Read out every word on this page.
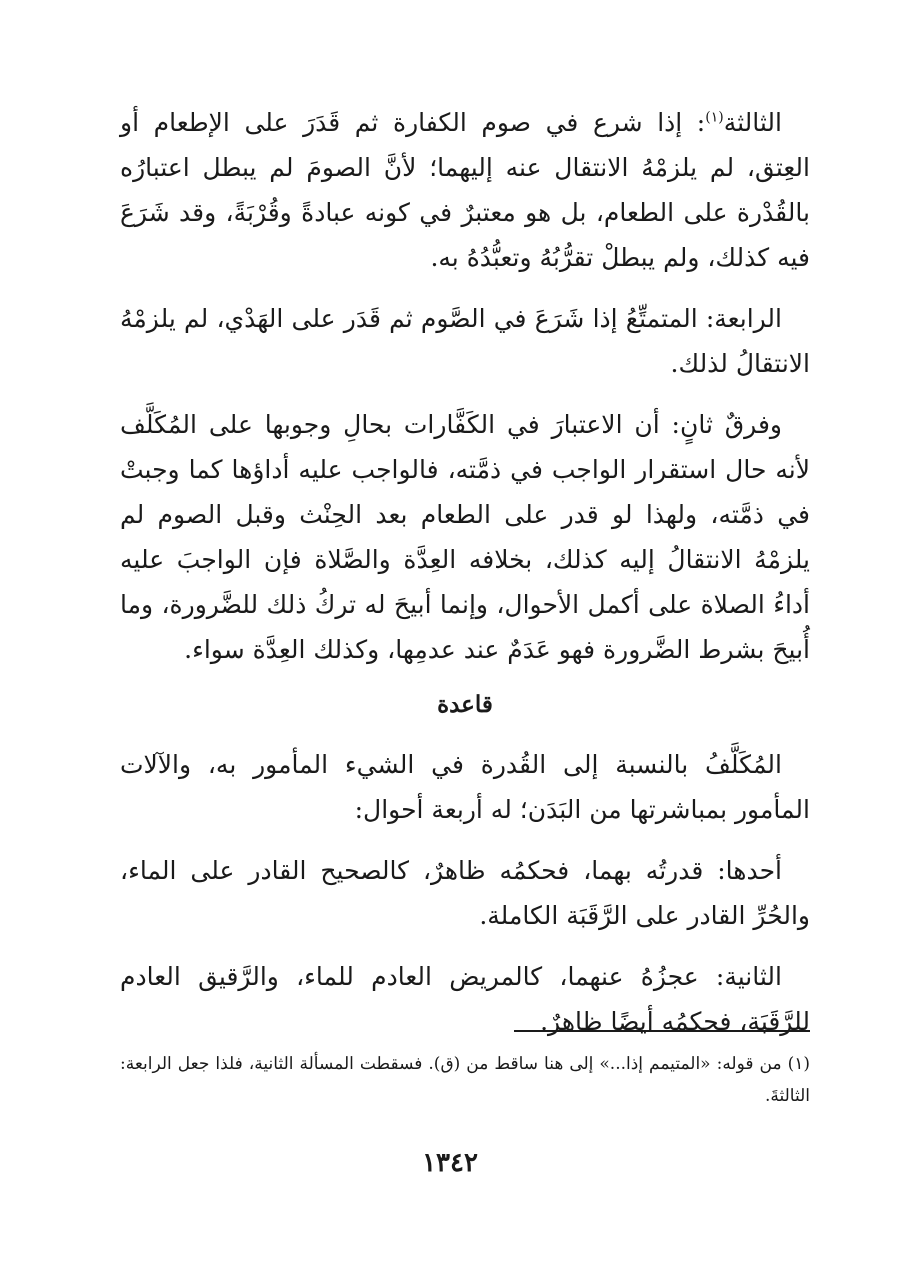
الثالثة$^{(١)}$: إذا شرع في صوم الكفارة ثم قَدَرَ على الإطعام أو العِتق، لم يلزمْهُ الانتقال عنه إليهما؛ لأنَّ الصومَ لم يبطل اعتبارُه بالقُدْرة على الطعام، بل هو معتبرٌ في كونه عبادةً وقُرْبَةً، وقد شَرَعَ فيه كذلك، ولم يبطلْ تقرُّبُهُ وتعبُّدُهُ به.

الرابعة: المتمتِّعُ إذا شَرَعَ في الصَّوم ثم قَدَر على الهَدْي، لم يلزمْهُ الانتقالُ لذلك.

وفرقٌ ثانٍ: أن الاعتبارَ في الكَفَّارات بحالِ وجوبها على المُكَلَّف لأنه حال استقرار الواجب في ذمَّته، فالواجب عليه أداؤها كما وجبتْ في ذمَّته، ولهذا لو قدر على الطعام بعد الحِنْث وقبل الصوم لم يلزمْهُ الانتقالُ إليه كذلك، بخلافه العِدَّة والصَّلاة فإن الواجبَ عليه أداءُ الصلاة على أكمل الأحوال، وإنما أبيحَ له تركُ ذلك للضَّرورة، وما أُبيحَ بشرط الضَّرورة فهو عَدَمٌ عند عدمِها، وكذلك العِدَّة سواء.

قاعدة

المُكَلَّفُ بالنسبة إلى القُدرة في الشيء المأمور به، والآلات المأمور بمباشرتها من البَدَن؛ له أربعة أحوال:

أحدها: قدرتُه بهما، فحكمُه ظاهرٌ، كالصحيح القادر على الماء، والحُرِّ القادر على الرَّقَبَة الكاملة.

الثانية: عجزُهُ عنهما، كالمريض العادم للماء، والرَّقيق العادم للرَّقَبَة، فحكمُه أيضًا ظاهرٌ.

(١) من قوله: «المتيمم إذا...» إلى هنا ساقط من (ق). فسقطت المسألة الثانية، فلذا جعل الرابعة: الثالثةَ.
١٣٤٢
